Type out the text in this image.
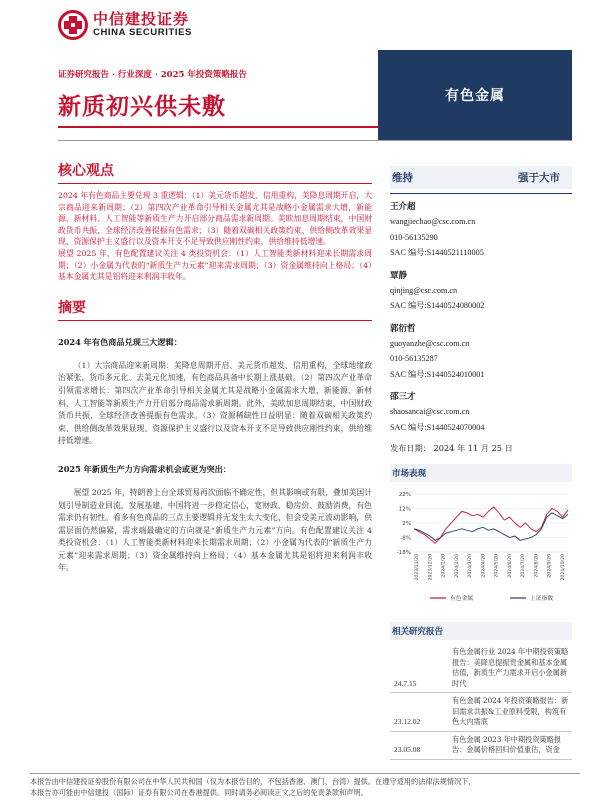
中信建投证券
CHINA SECURITIES
证券研究报告 · 行业深度 · 2025 年投资策略报告
新质初兴供未敷	有色金属
核心观点

2024 年有色商品主要兑现 3 重逻辑：（1）美元货币超发、信用重构，美降息周期开启，大宗商品迎来新周期；（2）第四次产业革命引导相关金属尤其是战略小金属需求大增，新能源、新材料、人工智能等新质生产力开启部分商品需求新周期。美欧加息周期结束，中国财政货币共振，全球经济改善提振有色需求；（3）随着双碳相关政策约束、供给侧改革效果显现、资源保护主义盛行以及资本开支不足导致供应刚性约束，供给维持低增速。

展望 2025 年，有色配置建议关注 4 类投资机会：（1）人工智能类新材料迎来长期需求周期；（2）小金属为代表的“新质生产力元素”迎来需求周期；（3）资金属维持向上格局；（4）基本金属尤其是铝将迎来利润丰收年。

摘要
2024 年有色商品兑现三大逻辑：
（1）大宗商品迎来新周期：美降息周期开启、美元货币超发、信用重构，全球地缘政治紧张，货币多元化、去美元化加速，有色商品具备中长期上涨基础。（2）第四次产业革命引领需求增长：第四次产业革命引导相关金属尤其是战略小金属需求大增，新能源、新材料、人工智能等新质生产力开启部分商品需求新周期。此外，美欧加息周期结束，中国财政货币共振，全球经济改善提振有色需求。（3）资源稀缺性日益明显：随着双碳相关政策约束、供给侧改革效果显现、资源保护主义盛行以及资本开支不足导致供应刚性约束，供给维持低增速。
2025 年新质生产力方向需求机会或更为突出：
展望 2025 年，特朗普上台全球贸易再次面临不确定性，但其影响或有限，叠加美国计划引导制造业回流，发展基建，中国将进一步稳定信心，宽财政、稳房价、鼓励消费，有色需求仍有韧性。看多有色商品的三点主要逻辑并无发生太大变化，但会受美元波动影响，供需层面仍然偏紧，需求端最确定的方向就是“新质生产力元素”方向。有色配置建议关注 4 类投资机会：（1）人工智能类新材料迎来长期需求周期；（2）小金属为代表的“新质生产力元素”迎来需求周期；（3）资金属维持向上格局；（4）基本金属尤其是铝将迎来利润丰收年。
维持	强于大市
王介超
wangjiechao@csc.com.cn
010-56135290
SAC 编号:S1440521110005
覃静
qinjing@csc.com.cn
SAC 编号:S1440524080002
郭衍哲
guoyanzhe@csc.com.cn
010-56135287
SAC 编号:S1440524010001
邵三才
shaosancai@csc.com.cn
SAC 编号:S1440524070004
发布日期： 2024 年 11 月 25 日
市场表现
22%
12%
2%
-8%
-18%
2023/11/20 2023/12/20 2024/1/20 2024/2/20 2024/3/20 2024/4/20 2024/5/20 2024/6/20 2024/7/20 2024/8/20 2024/9/20 2024/10/20
有色金属	上证指数
相关研究报告
24.7.15	有色金属行业 2024 年中期投资策略报告：美降息提振贵金属和基本金属估值，新质生产力需求开启小金属新时代
23.12.02	有色金属 2024 年投资策略报告：新旧需求共振&工业原料受限，构筑有色大内需底
23.05.08	有色金属 2023 年中期投资策略报告：金属价格回归价值重估，资金
本报告由中信建投证券股份有限公司在中华人民共和国（仅为本报告目的，不包括香港、澳门、台湾）提供。在遵守适用的法律法规情况下，
本报告亦可能由中信建投（国际）证券有限公司在香港提供。同时请务必阅读正文之后的免责条款和声明。
